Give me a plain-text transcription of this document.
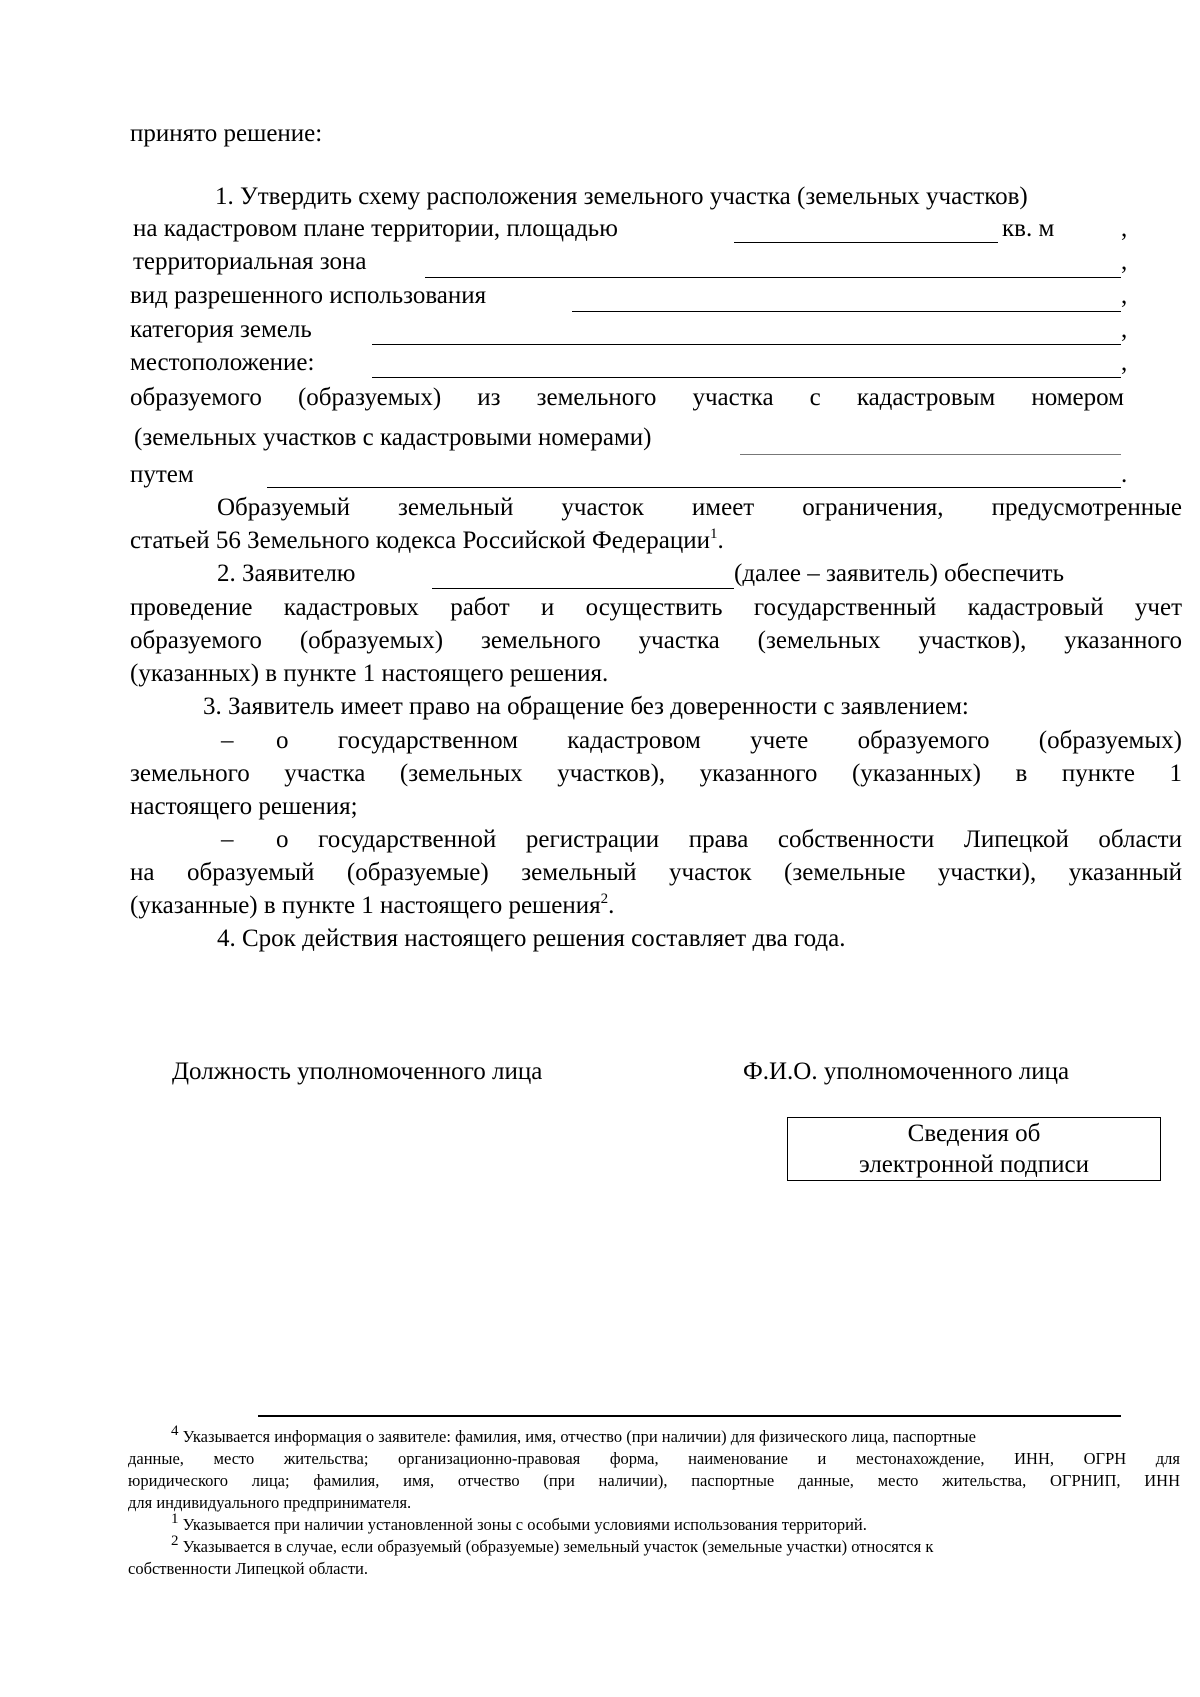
принято решение:
1. Утвердить схему расположения земельного участка (земельных участков)
на кадастровом плане территории, площадью	кв. м	,
территориальная зона	,
вид разрешенного использования	,
категория земель	,
местоположение:	,
образуемого (образуемых) из земельного участка с кадастровым номером
(земельных участков с кадастровыми номерами)
путем	.
Образуемый земельный участок имеет ограничения, предусмотренные
статьей 56 Земельного кодекса Российской Федерации$^1$.
2. Заявителю	(далее – заявитель) обеспечить
проведение кадастровых работ и осуществить государственный кадастровый учет
образуемого (образуемых) земельного участка (земельных участков), указанного
(указанных) в пункте 1 настоящего решения.
3. Заявитель имеет право на обращение без доверенности с заявлением:
– о государственном кадастровом учете образуемого (образуемых)
земельного участка (земельных участков), указанного (указанных) в пункте 1
настоящего решения;
– о государственной регистрации права собственности Липецкой области
на образуемый (образуемые) земельный участок (земельные участки), указанный
(указанные) в пункте 1 настоящего решения$^2$.
4. Срок действия настоящего решения составляет два года.
Должность уполномоченного лица	Ф.И.О. уполномоченного лица
Сведения об
электронной подписи
$^4$ Указывается информация о заявителе: фамилия, имя, отчество (при наличии) для физического лица, паспортные
данные, место жительства; организационно-правовая форма, наименование и местонахождение, ИНН, ОГРН для
юридического лица; фамилия, имя, отчество (при наличии), паспортные данные, место жительства, ОГРНИП, ИНН
для индивидуального предпринимателя.
$^1$ Указывается при наличии установленной зоны с особыми условиями использования территорий.
$^2$ Указывается в случае, если образуемый (образуемые) земельный участок (земельные участки) относятся к
собственности Липецкой области.
